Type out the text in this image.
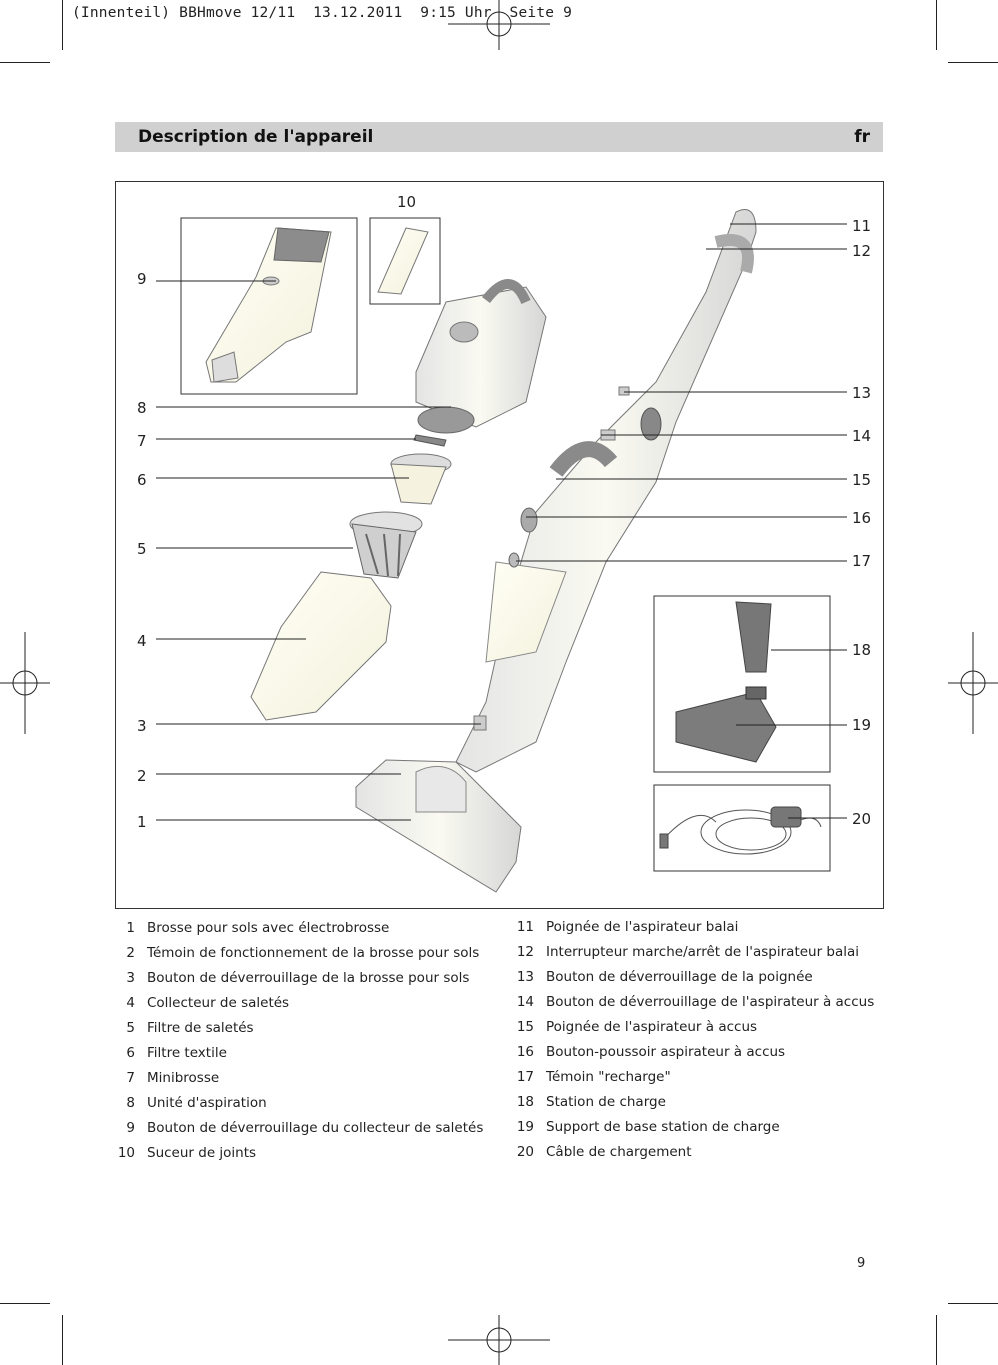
(Innenteil) BBHmove 12/11  13.12.2011  9:15 Uhr  Seite 9
Description de l'appareil	fr
10
9
8
7
6
5
4
3
2
1
11
12
13
14
15
16
17
18
19
20
1 Brosse pour sols avec électrobrosse
2 Témoin de fonctionnement de la brosse pour sols
3 Bouton de déverrouillage de la brosse pour sols
4 Collecteur de saletés
5 Filtre de saletés
6 Filtre textile
7 Minibrosse
8 Unité d'aspiration
9 Bouton de déverrouillage du collecteur de saletés
10 Suceur de joints
11 Poignée de l'aspirateur balai
12 Interrupteur marche/arrêt de l'aspirateur balai
13 Bouton de déverrouillage de la poignée
14 Bouton de déverrouillage de l'aspirateur à accus
15 Poignée de l'aspirateur à accus
16 Bouton-poussoir aspirateur à accus
17 Témoin "recharge"
18 Station de charge
19 Support de base station de charge
20 Câble de chargement
9
